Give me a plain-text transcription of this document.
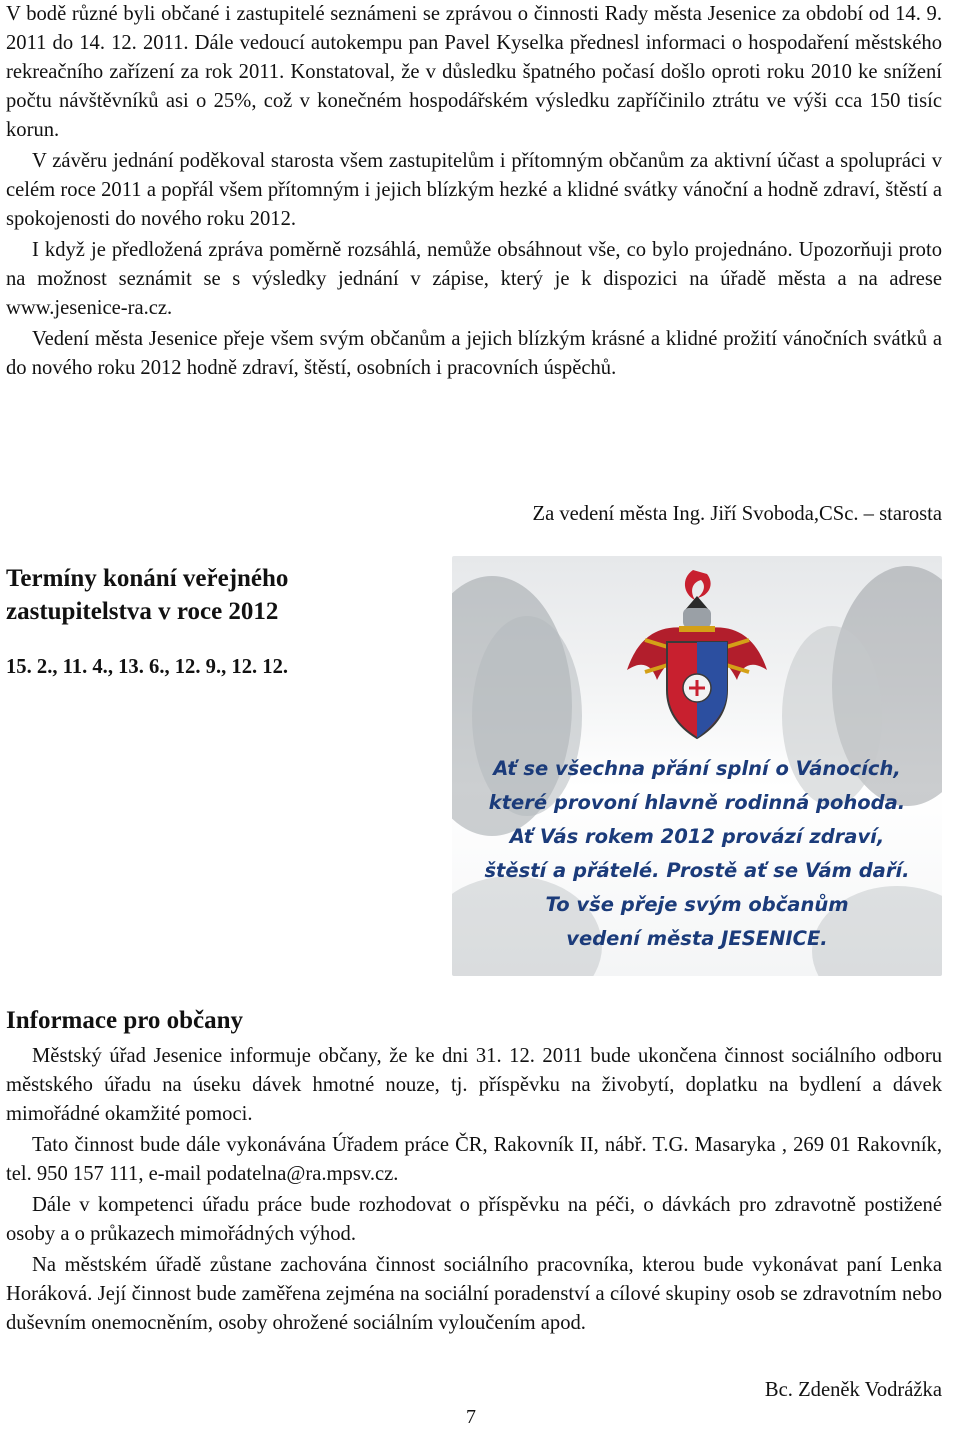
V bodě různé byli občané i zastupitelé seznámeni se zprávou o činnosti Rady města Jesenice za období od 14. 9. 2011 do 14. 12. 2011. Dále vedoucí autokempu pan Pavel Kyselka přednesl informaci o hospodaření městského rekreačního zařízení za rok 2011. Konstatoval, že v důsledku špatného počasí došlo oproti roku 2010 ke snížení počtu návštěvníků asi o 25%, což v konečném hospodářském výsledku zapříčinilo ztrátu ve výši cca 150 tisíc korun.

V závěru jednání poděkoval starosta všem zastupitelům i přítomným občanům za aktivní účast a spolupráci v celém roce 2011 a popřál všem přítomným i jejich blízkým hezké a klidné svátky vánoční a hodně zdraví, štěstí a spokojenosti do nového roku 2012.

I když je předložená zpráva poměrně rozsáhlá, nemůže obsáhnout vše, co bylo projednáno. Upozorňuji proto na možnost seznámit se s výsledky jednání v zápise, který je k dispozici na úřadě města a na adrese www.jesenice-ra.cz.

Vedení města Jesenice přeje všem svým občanům a jejich blízkým krásné a klidné prožití vánočních svátků a do nového roku 2012 hodně zdraví, štěstí, osobních i pracovních úspěchů.

Za vedení města Ing. Jiří Svoboda,CSc. – starosta
Termíny konání veřejného zastupitelstva v roce 2012
15. 2., 11. 4., 13. 6., 12. 9., 12. 12.
Ať se všechna přání splní o Vánocích,
které provoní hlavně rodinná pohoda.
Ať Vás rokem 2012 provází zdraví,
štěstí a přátelé. Prostě ať se Vám daří.
To vše přeje svým občanům
vedení města JESENICE.
Informace pro občany

Městský úřad Jesenice informuje občany, že ke dni 31. 12. 2011 bude ukončena činnost sociálního odboru městského úřadu na úseku dávek hmotné nouze, tj. příspěvku na živobytí, doplatku na bydlení a dávek mimořádné okamžité pomoci.

Tato činnost bude dále vykonávána Úřadem práce ČR, Rakovník II, nábř. T.G. Masaryka , 269 01 Rakovník, tel. 950 157 111, e-mail podatelna@ra.mpsv.cz.

Dále v kompetenci úřadu práce bude rozhodovat o příspěvku na péči, o dávkách pro zdravotně postižené osoby a o průkazech mimořádných výhod.

Na městském úřadě zůstane zachována činnost sociálního pracovníka, kterou bude vykonávat paní Lenka Horáková. Její činnost bude zaměřena zejména na sociální poradenství a cílové skupiny osob se zdravotním nebo duševním onemocněním, osoby ohrožené sociálním vyloučením apod.

Bc. Zdeněk Vodrážka
7
